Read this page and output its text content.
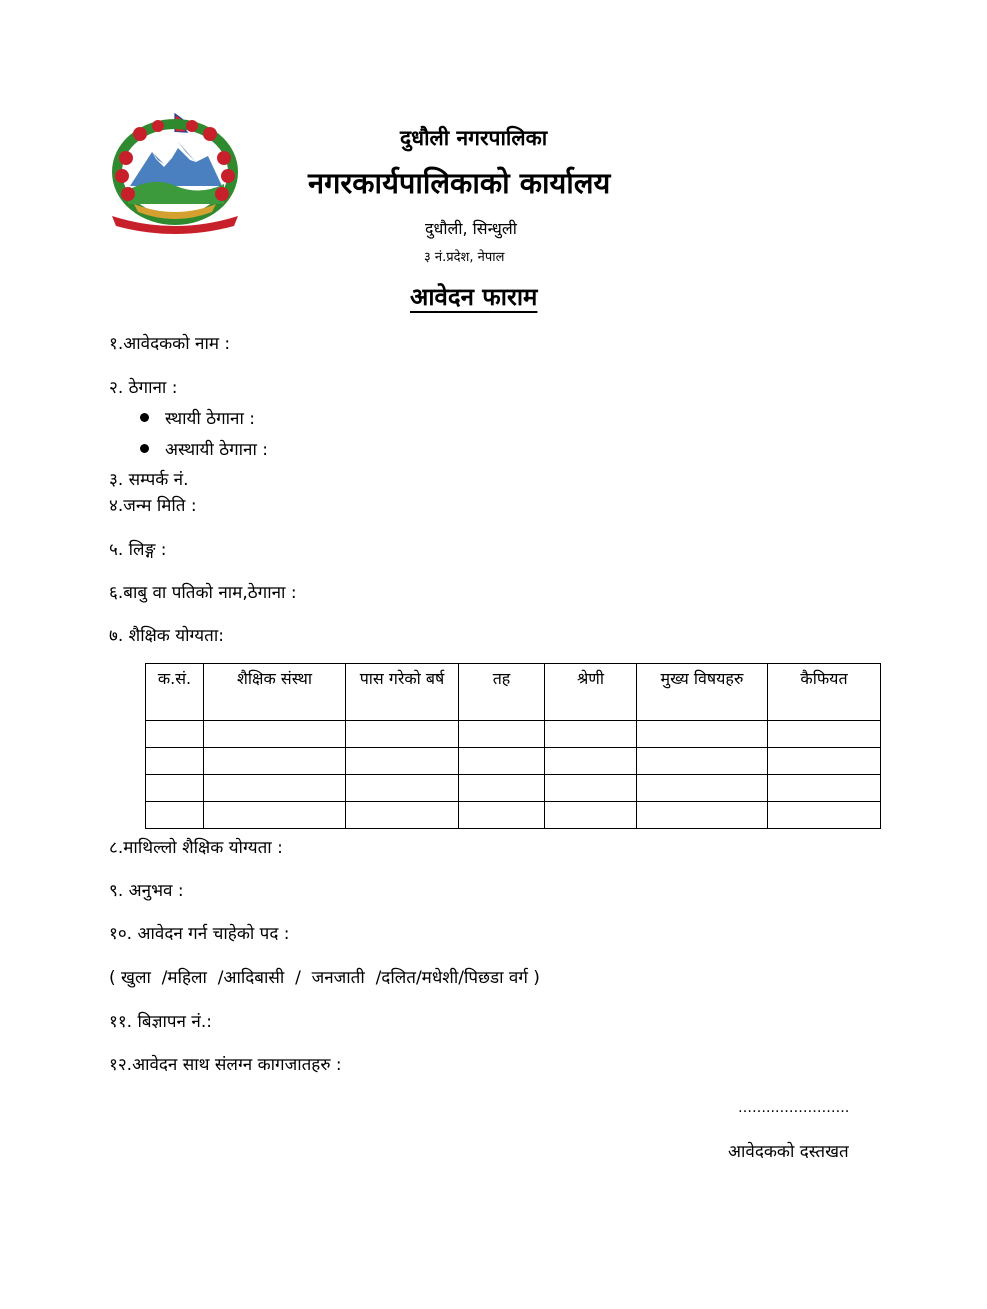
दुधौली नगरपालिका
नगरकार्यपालिकाको कार्यालय
दुधौली, सिन्धुली
३ नं.प्रदेश, नेपाल
आवेदन फाराम
१.आवेदकको नाम :
२. ठेगाना :
स्थायी ठेगाना :
अस्थायी ठेगाना :
३. सम्पर्क नं.
४.जन्म मिति :
५. लिङ्ग :
६.बाबु वा पतिको नाम,ठेगाना :
७. शैक्षिक योग्यता:
क.सं.	शैक्षिक संस्था	पास गरेको बर्ष	तह	श्रेणी	मुख्य विषयहरु	कैफियत

८.माथिल्लो शैक्षिक योग्यता :
९. अनुभव :
१०. आवेदन गर्न चाहेको पद :
( खुला  /महिला  /आदिबासी  /  जनजाती  /दलित/मधेशी/पिछडा वर्ग )
११. बिज्ञापन नं.:
१२.आवेदन साथ संलग्न कागजातहरु :
……..…………….
आवेदकको दस्तखत
